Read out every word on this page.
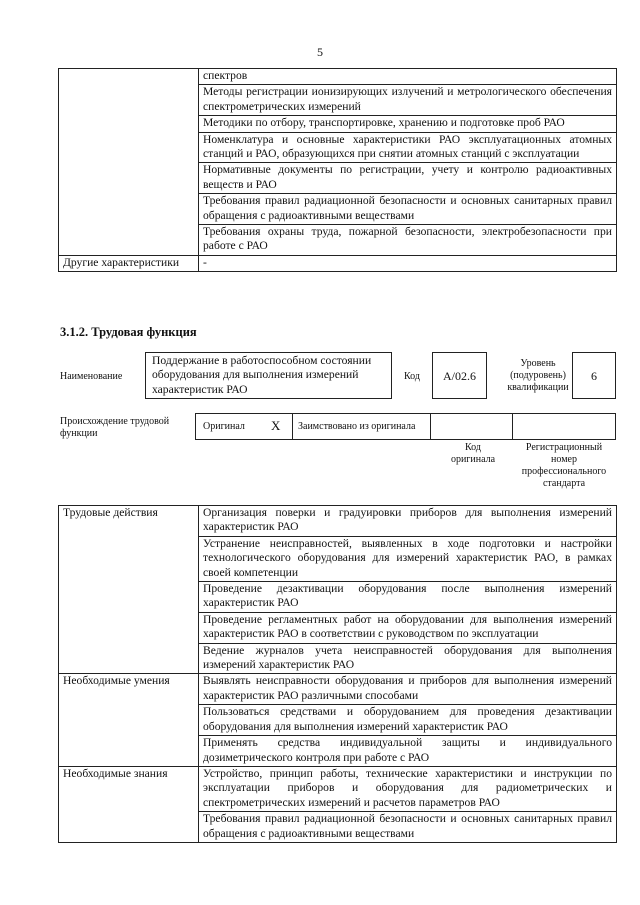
5
	спектров
	Методы регистрации ионизирующих излучений и метрологического обеспечения спектрометрических измерений
	Методики по отбору, транспортировке, хранению и подготовке проб РАО
	Номенклатура и основные характеристики РАО эксплуатационных атомных станций и РАО, образующихся при снятии атомных станций с эксплуатации
	Нормативные документы по регистрации, учету и контролю радиоактивных веществ и РАО
	Требования правил радиационной безопасности и основных санитарных правил обращения с радиоактивными веществами
	Требования охраны труда, пожарной безопасности, электробезопасности при работе с РАО
Другие характеристики	-
3.1.2. Трудовая функция
Наименование
Поддержание в работоспособном состоянии оборудования для выполнения измерений характеристик РАО
Код	A/02.6
Уровень (подуровень) квалификации
6
Происхождение трудовой функции
Оригинал X Заимствовано из оригинала
Код оригинала
Регистрационный номер профессионального стандарта
Трудовые действия	Организация поверки и градуировки приборов для выполнения измерений характеристик РАО
	Устранение неисправностей, выявленных в ходе подготовки и настройки технологического оборудования для измерений характеристик РАО, в рамках своей компетенции
	Проведение дезактивации оборудования после выполнения измерений характеристик РАО
	Проведение регламентных работ на оборудовании для выполнения измерений характеристик РАО в соответствии с руководством по эксплуатации
	Ведение журналов учета неисправностей оборудования для выполнения измерений характеристик РАО
Необходимые умения	Выявлять неисправности оборудования и приборов для выполнения измерений характеристик РАО различными способами
	Пользоваться средствами и оборудованием для проведения дезактивации оборудования для выполнения измерений характеристик РАО
	Применять средства индивидуальной защиты и индивидуального дозиметрического контроля при работе с РАО
Необходимые знания	Устройство, принцип работы, технические характеристики и инструкции по эксплуатации приборов и оборудования для радиометрических и спектрометрических измерений и расчетов параметров РАО
	Требования правил радиационной безопасности и основных санитарных правил обращения с радиоактивными веществами
